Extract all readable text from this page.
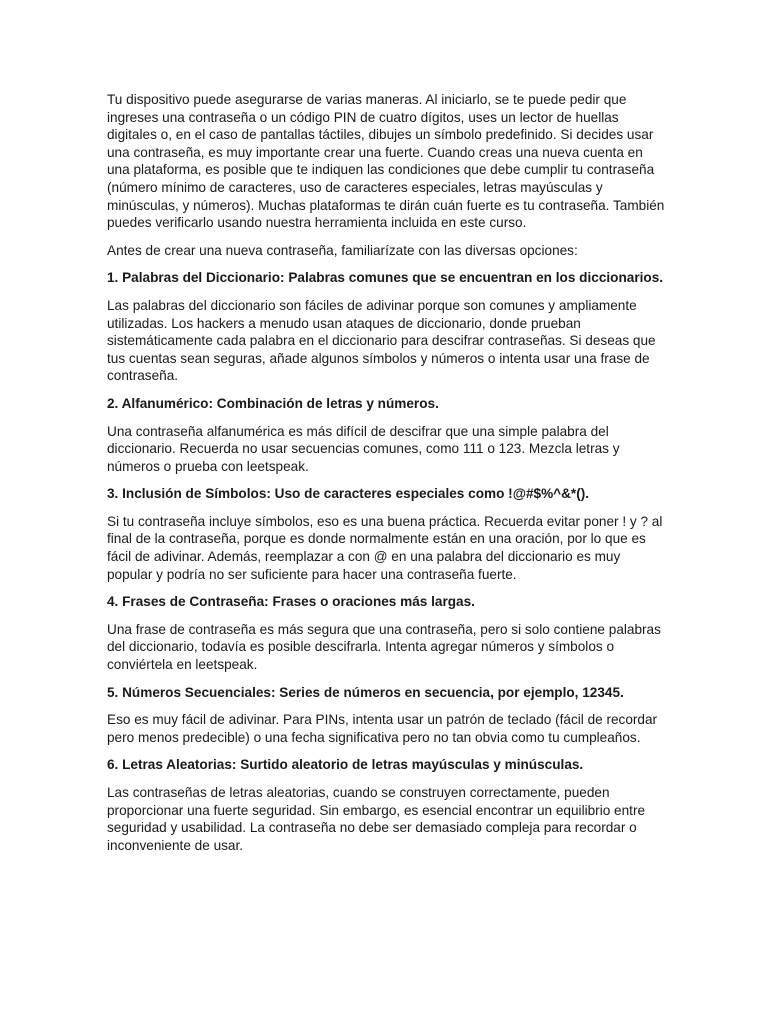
Tu dispositivo puede asegurarse de varias maneras. Al iniciarlo, se te puede pedir que ingreses una contraseña o un código PIN de cuatro dígitos, uses un lector de huellas digitales o, en el caso de pantallas táctiles, dibujes un símbolo predefinido. Si decides usar una contraseña, es muy importante crear una fuerte. Cuando creas una nueva cuenta en una plataforma, es posible que te indiquen las condiciones que debe cumplir tu contraseña (número mínimo de caracteres, uso de caracteres especiales, letras mayúsculas y minúsculas, y números). Muchas plataformas te dirán cuán fuerte es tu contraseña. También puedes verificarlo usando nuestra herramienta incluida en este curso.

Antes de crear una nueva contraseña, familiarízate con las diversas opciones:

1. Palabras del Diccionario: Palabras comunes que se encuentran en los diccionarios.

Las palabras del diccionario son fáciles de adivinar porque son comunes y ampliamente utilizadas. Los hackers a menudo usan ataques de diccionario, donde prueban sistemáticamente cada palabra en el diccionario para descifrar contraseñas. Si deseas que tus cuentas sean seguras, añade algunos símbolos y números o intenta usar una frase de contraseña.

2. Alfanumérico: Combinación de letras y números.

Una contraseña alfanumérica es más difícil de descifrar que una simple palabra del diccionario. Recuerda no usar secuencias comunes, como 111 o 123. Mezcla letras y números o prueba con leetspeak.

3. Inclusión de Símbolos: Uso de caracteres especiales como !@#$%^&*().

Si tu contraseña incluye símbolos, eso es una buena práctica. Recuerda evitar poner ! y ? al final de la contraseña, porque es donde normalmente están en una oración, por lo que es fácil de adivinar. Además, reemplazar a con @ en una palabra del diccionario es muy popular y podría no ser suficiente para hacer una contraseña fuerte.

4. Frases de Contraseña: Frases o oraciones más largas.

Una frase de contraseña es más segura que una contraseña, pero si solo contiene palabras del diccionario, todavía es posible descifrarla. Intenta agregar números y símbolos o conviértela en leetspeak.

5. Números Secuenciales: Series de números en secuencia, por ejemplo, 12345.

Eso es muy fácil de adivinar. Para PINs, intenta usar un patrón de teclado (fácil de recordar pero menos predecible) o una fecha significativa pero no tan obvia como tu cumpleaños.

6. Letras Aleatorias: Surtido aleatorio de letras mayúsculas y minúsculas.

Las contraseñas de letras aleatorias, cuando se construyen correctamente, pueden proporcionar una fuerte seguridad. Sin embargo, es esencial encontrar un equilibrio entre seguridad y usabilidad. La contraseña no debe ser demasiado compleja para recordar o inconveniente de usar.
